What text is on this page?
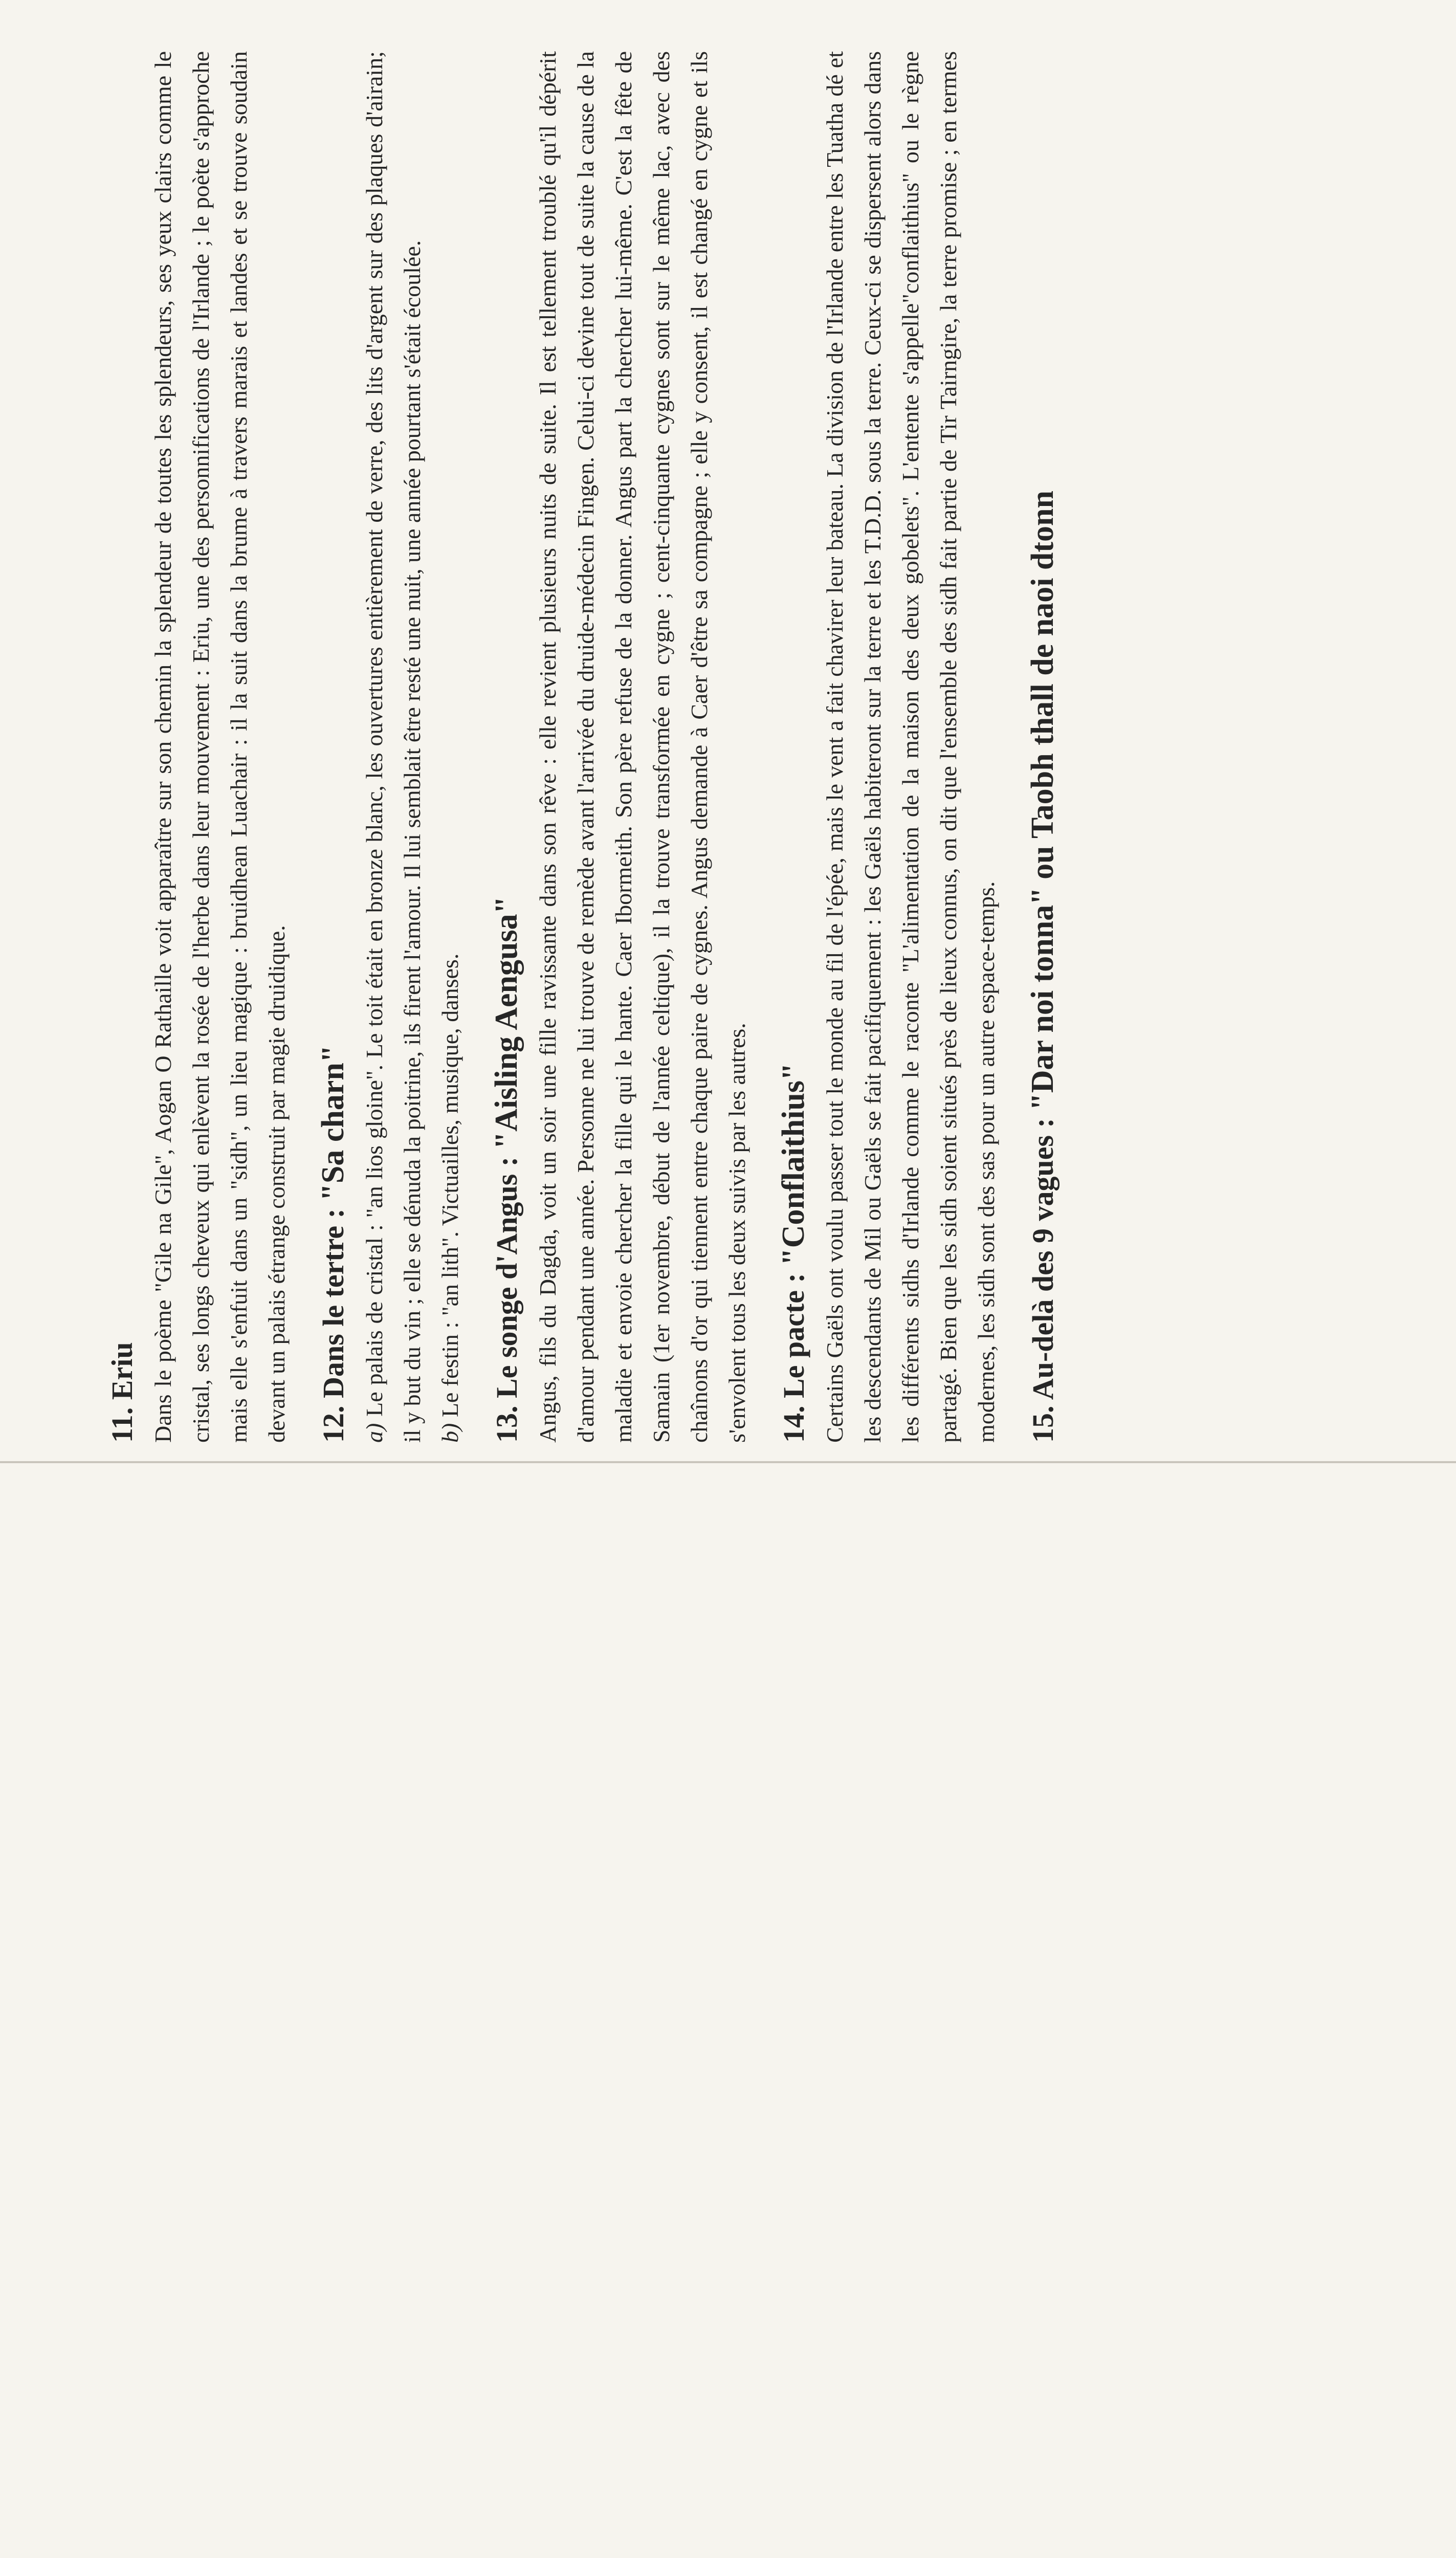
11. Eriu Dans le poème "Gile na Gile", Aogan O Rathaille voit apparaître sur son chemin la splendeur de toutes les splendeurs, ses yeux clairs comme le cristal, ses longs cheveux qui enlèvent la rosée de l'herbe dans leur mouvement : Eriu, une des personnifications de l'Irlande ; le poète s'approche mais elle s'enfuit dans un "sidh", un lieu magique : bruidhean Luachair : il la suit dans la brume à travers marais et landes et se trouve soudain devant un palais étrange construit par magie druidique. 12. Dans le tertre : "Sa charn"

a) Le palais de cristal : "an lios gloine". Le toit était en bronze blanc, les ouvertures entièrement de verre, des lits d'argent sur des plaques d'airain; il y but du vin ; elle se dénuda la poitrine, ils firent l'amour. Il lui semblait être resté une nuit, une année pourtant s'était écoulée. b) Le festin : "an lith". Victuailles, musique, danses. 13. Le songe d'Angus : "Aisling Aengusa" Angus, fils du Dagda, voit un soir une fille ravissante dans son rêve : elle revient plusieurs nuits de suite. Il est tellement troublé qu'il dépérit d'amour pendant une année. Personne ne lui trouve de remède avant l'arrivée du druide-médecin Fingen. Celui-ci devine tout de suite la cause de la maladie et envoie chercher la fille qui le hante. Caer Ibormeith. Son père refuse de la donner. Angus part la chercher lui-même. C'est la fête de Samain (1er novembre, début de l'année celtique), il la trouve transformée en cygne ; cent-cinquante cygnes sont sur le même lac, avec des chaînons d'or qui tiennent entre chaque paire de cygnes. Angus demande à Caer d'être sa compagne ; elle y consent, il est changé en cygne et ils s'envolent tous les deux suivis par les autres. 14. Le pacte : "Conflaithius" Certains Gaëls ont voulu passer tout le monde au fil de l'épée, mais le vent a fait chavirer leur bateau. La division de l'Irlande entre les Tuatha dé et les descendants de Mil ou Gaëls se fait pacifiquement : les Gaëls habiteront sur la terre et les T.D.D. sous la terre. Ceux-ci se dispersent alors dans les différents sidhs d'Irlande comme le raconte "L'alimentation de la maison des deux gobelets". L'entente s'appelle"conflaithius" ou le règne partagé. Bien que les sidh soient situés près de lieux connus, on dit que l'ensemble des sidh fait partie de Tir Tairngire, la terre promise ; en termes modernes, les sidh sont des sas pour un autre espace-temps. 15. Au-delà des 9 vagues : "Dar noi tonna" ou Taobh thall de naoi dtonn
